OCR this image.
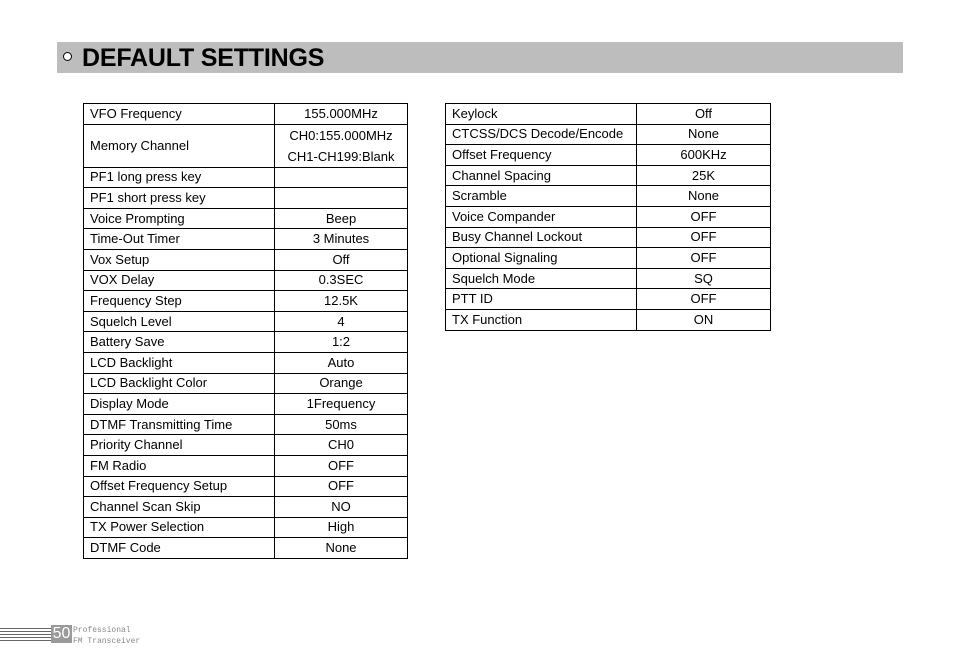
DEFAULT SETTINGS
VFO Frequency	155.000MHz
Memory Channel	CH0:155.000MHz
CH1-CH199:Blank

PF1 long press key	
PF1 short press key	
Voice Prompting	Beep
Time-Out Timer	3 Minutes
Vox Setup	Off
VOX Delay	0.3SEC
Frequency Step	12.5K
Squelch Level	4
Battery Save	1:2
LCD Backlight	Auto
LCD Backlight Color	Orange
Display Mode	1Frequency
DTMF Transmitting Time	50ms
Priority Channel	CH0
FM Radio	OFF
Offset Frequency Setup	OFF
Channel Scan Skip	NO
TX Power Selection	High
DTMF Code	None
Keylock	Off
CTCSS/DCS Decode/Encode	None
Offset Frequency	600KHz
Channel Spacing	25K
Scramble	None
Voice Compander	OFF
Busy Channel Lockout	OFF
Optional Signaling	OFF
Squelch Mode	SQ
PTT ID	OFF
TX Function	ON
50 Professional
FM Transceiver
